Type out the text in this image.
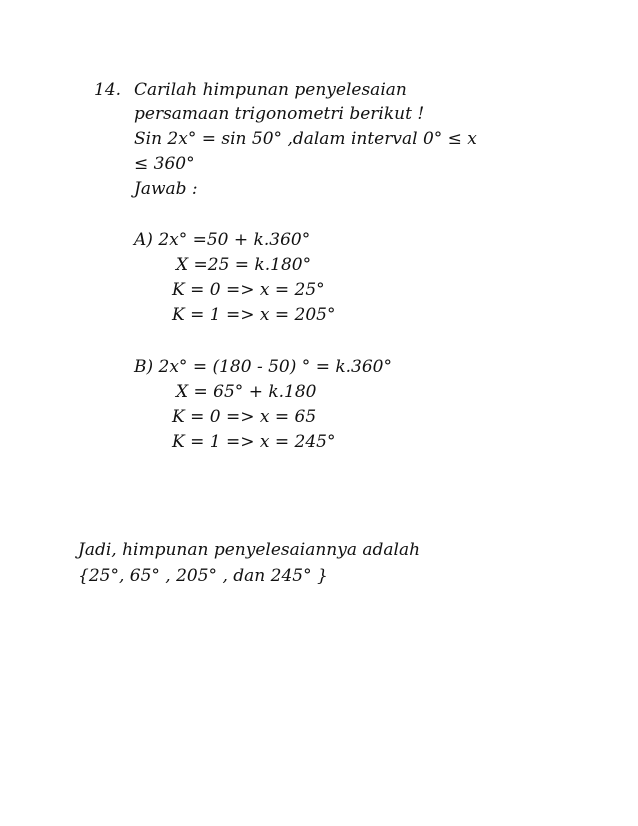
14. Carilah himpunan penyelesaian
persamaan trigonometri berikut !
Sin 2x° = sin 50° ,dalam interval 0° ≤ x
≤ 360°
Jawab :
A) 2x° =50 + k.360°
X =25 = k.180°
K = 0 => x = 25°
K = 1 => x = 205°
B) 2x° = (180 - 50) ° = k.360°
X = 65° + k.180
K = 0 => x = 65
K = 1 => x = 245°
Jadi, himpunan penyelesaiannya adalah
{25°, 65° , 205° , dan 245° }
